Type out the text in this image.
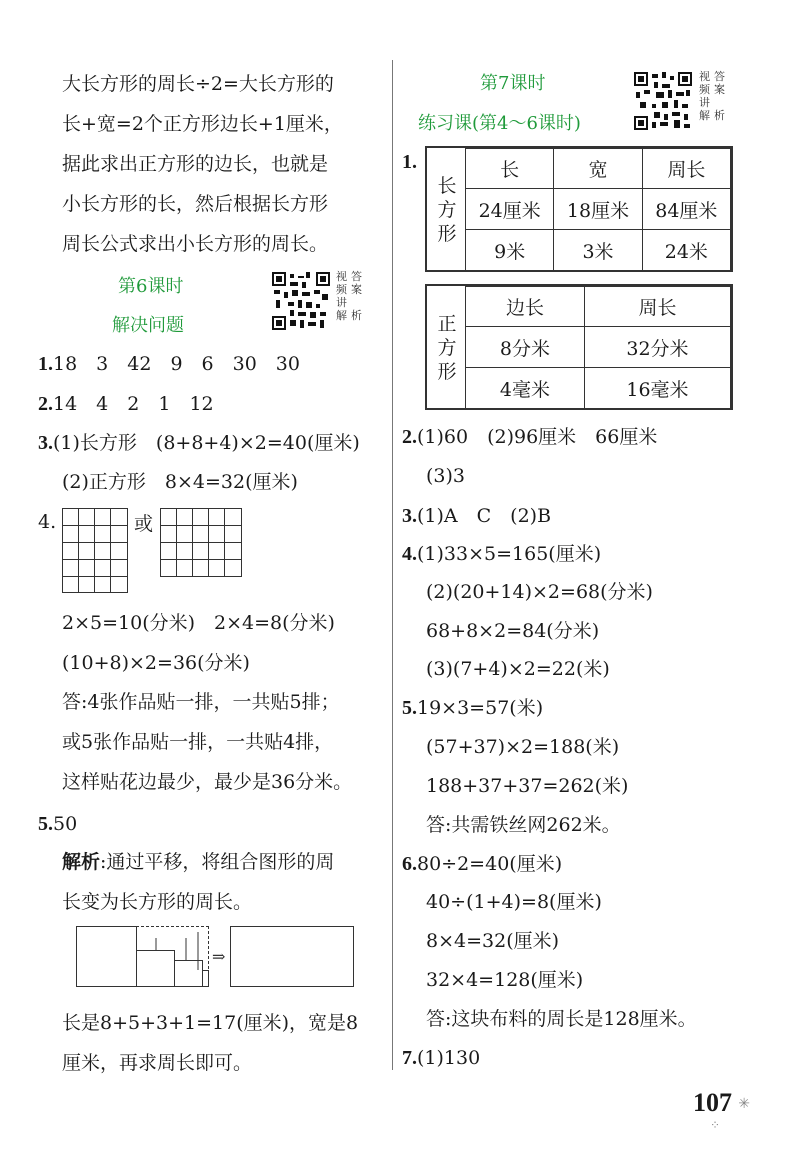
大长方形的周长÷2=大长方形的
长+宽=2个正方形边长+1厘米，
据此求出正方形的边长，也就是
小长方形的长，然后根据长方形
周长公式求出小长方形的周长。
第6课时
解决问题
视 答
频 案
讲
解 析
1.18　3　42　9　6　30　30
2.14　4　2　1　12
3.(1)长方形　(8+8+4)×2=40(厘米)
(2)正方形　8×4=32(厘米)
4.	或
2×5=10(分米)　2×4=8(分米)
(10+8)×2=36(分米)
答:4张作品贴一排，一共贴5排；
或5张作品贴一排，一共贴4排，
这样贴花边最少，最少是36分米。
5.50
解析:通过平移，将组合图形的周
长变为长方形的周长。
⇒
长是8+5+3+1=17(厘米)，宽是8
厘米，再求周长即可。
第7课时
练习课(第4～6课时)
视 答
频 案
讲
解 析
1.
长
方
形
长	宽	周长
24厘米	18厘米	84厘米
9米	3米	24米
正
方
形
边长	周长
8分米	32分米
4毫米	16毫米
2.(1)60　(2)96厘米　66厘米
(3)3
3.(1)A　C　(2)B
4.(1)33×5=165(厘米)
(2)(20+14)×2=68(分米)
68+8×2=84(分米)
(3)(7+4)×2=22(米)
5.19×3=57(米)
(57+37)×2=188(米)
188+37+37=262(米)
答:共需铁丝网262米。
6.80÷2=40(厘米)
40÷(1+4)=8(厘米)
8×4=32(厘米)
32×4=128(厘米)
答:这块布料的周长是128厘米。
7.(1)130
107 ✳
⁘
